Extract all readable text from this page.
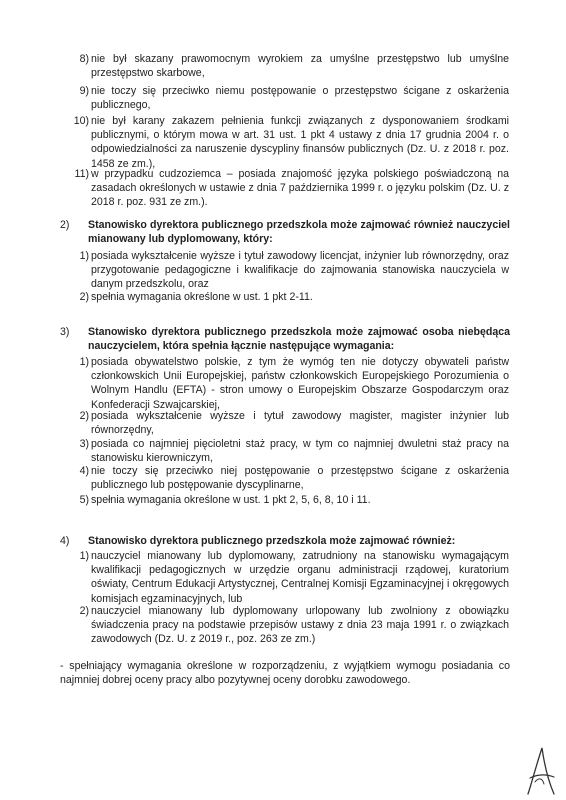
8) nie był skazany prawomocnym wyrokiem za umyślne przestępstwo lub umyślne przestępstwo skarbowe,
9) nie toczy się przeciwko niemu postępowanie o przestępstwo ścigane z oskarżenia publicznego,
10) nie był karany zakazem pełnienia funkcji związanych z dysponowaniem środkami publicznymi, o którym mowa w art. 31 ust. 1 pkt 4 ustawy z dnia 17 grudnia 2004 r. o odpowiedzialności za naruszenie dyscypliny finansów publicznych (Dz. U. z 2018 r. poz. 1458 ze zm.),
11) w przypadku cudzoziemca – posiada znajomość języka polskiego poświadczoną na zasadach określonych w ustawie z dnia 7 października 1999 r. o języku polskim (Dz. U. z 2018 r. poz. 931 ze zm.).
2) Stanowisko dyrektora publicznego przedszkola może zajmować również nauczyciel mianowany lub dyplomowany, który:
1) posiada wykształcenie wyższe i tytuł zawodowy licencjat, inżynier lub równorzędny, oraz przygotowanie pedagogiczne i kwalifikacje do zajmowania stanowiska nauczyciela w danym przedszkolu, oraz
2) spełnia wymagania określone w ust. 1 pkt 2-11.
3) Stanowisko dyrektora publicznego przedszkola może zajmować osoba niebędąca nauczycielem, która spełnia łącznie następujące wymagania:
1) posiada obywatelstwo polskie, z tym że wymóg ten nie dotyczy obywateli państw członkowskich Unii Europejskiej, państw członkowskich Europejskiego Porozumienia o Wolnym Handlu (EFTA) - stron umowy o Europejskim Obszarze Gospodarczym oraz Konfederacji Szwajcarskiej,
2) posiada wykształcenie wyższe i tytuł zawodowy magister, magister inżynier lub równorzędny,
3) posiada co najmniej pięcioletni staż pracy, w tym co najmniej dwuletni staż pracy na stanowisku kierowniczym,
4) nie toczy się przeciwko niej postępowanie o przestępstwo ścigane z oskarżenia publicznego lub postępowanie dyscyplinarne,
5) spełnia wymagania określone w ust. 1 pkt 2, 5, 6, 8, 10 i 11.
4) Stanowisko dyrektora publicznego przedszkola może zajmować również:
1) nauczyciel mianowany lub dyplomowany, zatrudniony na stanowisku wymagającym kwalifikacji pedagogicznych w urzędzie organu administracji rządowej, kuratorium oświaty, Centrum Edukacji Artystycznej, Centralnej Komisji Egzaminacyjnej i okręgowych komisjach egzaminacyjnych, lub
2) nauczyciel mianowany lub dyplomowany urlopowany lub zwolniony z obowiązku świadczenia pracy na podstawie przepisów ustawy z dnia 23 maja 1991 r. o związkach zawodowych (Dz. U. z 2019 r., poz. 263 ze zm.)
- spełniający wymagania określone w rozporządzeniu, z wyjątkiem wymogu posiadania co najmniej dobrej oceny pracy albo pozytywnej oceny dorobku zawodowego.
